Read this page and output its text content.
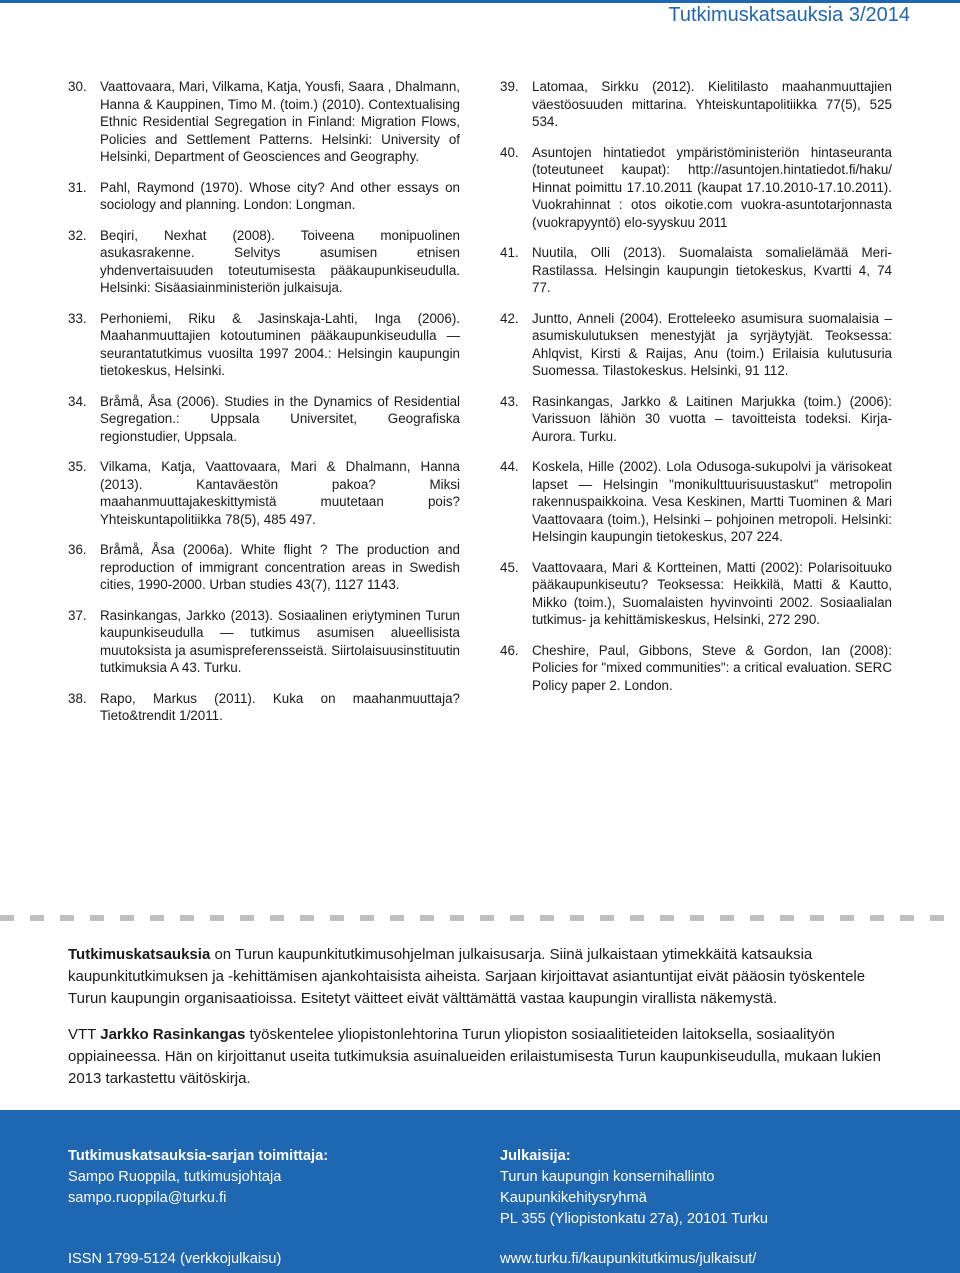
Tutkimuskatsauksia 3/2014
30. Vaattovaara, Mari, Vilkama, Katja, Yousfi, Saara , Dhalmann, Hanna & Kauppinen, Timo M. (toim.) (2010). Contextualising Ethnic Residential Segregation in Finland: Migration Flows, Policies and Settlement Patterns. Helsinki: University of Helsinki, Department of Geosciences and Geography.
31. Pahl, Raymond (1970). Whose city? And other essays on sociology and planning. London: Longman.
32. Beqiri, Nexhat (2008). Toiveena monipuolinen asukasrakenne. Selvitys asumisen etnisen yhdenvertaisuuden toteutumisesta pääkaupunkiseudulla. Helsinki: Sisäasiainministeriön julkaisuja.
33. Perhoniemi, Riku & Jasinskaja-Lahti, Inga (2006). Maahanmuuttajien kotoutuminen pääkaupunkiseudulla — seurantatutkimus vuosilta 1997 2004.: Helsingin kaupungin tietokeskus, Helsinki.
34. Bråmå, Åsa (2006). Studies in the Dynamics of Residential Segregation.: Uppsala Universitet, Geografiska regionstudier, Uppsala.
35. Vilkama, Katja, Vaattovaara, Mari & Dhalmann, Hanna (2013). Kantaväestön pakoa? Miksi maahanmuuttajakeskittymistä muutetaan pois? Yhteiskuntapolitiikka 78(5), 485 497.
36. Bråmå, Åsa (2006a). White flight ? The production and reproduction of immigrant concentration areas in Swedish cities, 1990-2000. Urban studies 43(7), 1127 1143.
37. Rasinkangas, Jarkko (2013). Sosiaalinen eriytyminen Turun kaupunkiseudulla — tutkimus asumisen alueellisista muutoksista ja asumispreferensseistä. Siirtolaisuusinstituutin tutkimuksia A 43. Turku.
38. Rapo, Markus (2011). Kuka on maahanmuuttaja? Tieto&trendit 1/2011.
39. Latomaa, Sirkku (2012). Kielitilasto maahanmuuttajien väestöosuuden mittarina. Yhteiskuntapolitiikka 77(5), 525 534.
40. Asuntojen hintatiedot ympäristöministeriön hintaseuranta (toteutuneet kaupat): http://asuntojen.hintatiedot.fi/haku/ Hinnat poimittu 17.10.2011 (kaupat 17.10.2010-17.10.2011). Vuokrahinnat : otos oikotie.com vuokra-asuntotarjonnasta (vuokrapyyntö) elo-syyskuu 2011
41. Nuutila, Olli (2013). Suomalaista somalielämää Meri-Rastilassa. Helsingin kaupungin tietokeskus, Kvartti 4, 74 77.
42. Juntto, Anneli (2004). Erotteleeko asumisura suomalaisia – asumiskulutuksen menestyjät ja syrjäytyjät. Teoksessa: Ahlqvist, Kirsti & Raijas, Anu (toim.) Erilaisia kulutusuria Suomessa. Tilastokeskus. Helsinki, 91 112.
43. Rasinkangas, Jarkko & Laitinen Marjukka (toim.) (2006): Varissuon lähiön 30 vuotta – tavoitteista todeksi. Kirja-Aurora. Turku.
44. Koskela, Hille (2002). Lola Odusoga-sukupolvi ja värisokeat lapset — Helsingin "monikulttuurisuustaskut" metropolin rakennuspaikkoina. Vesa Keskinen, Martti Tuominen & Mari Vaattovaara (toim.), Helsinki – pohjoinen metropoli. Helsinki: Helsingin kaupungin tietokeskus, 207 224.
45. Vaattovaara, Mari & Kortteinen, Matti (2002): Polarisoituuko pääkaupunkiseutu? Teoksessa: Heikkilä, Matti & Kautto, Mikko (toim.), Suomalaisten hyvinvointi 2002. Sosiaalialan tutkimus- ja kehittämiskeskus, Helsinki, 272 290.
46. Cheshire, Paul, Gibbons, Steve & Gordon, Ian (2008): Policies for "mixed communities": a critical evaluation. SERC Policy paper 2. London.

Tutkimuskatsauksia on Turun kaupunkitutkimusohjelman julkaisusarja. Siinä julkaistaan ytimekkäitä katsauksia kaupunkitutkimuksen ja -kehittämisen ajankohtaisista aiheista. Sarjaan kirjoittavat asiantuntijat eivät pääosin työskentele Turun kaupungin organisaatioissa. Esitetyt väitteet eivät välttämättä vastaa kaupungin virallista näkemystä.

VTT Jarkko Rasinkangas työskentelee yliopistonlehtorina Turun yliopiston sosiaalitieteiden laitoksella, sosiaalityön oppiaineessa. Hän on kirjoittanut useita tutkimuksia asuinalueiden erilaistumisesta Turun kaupunkiseudulla, mukaan lukien 2013 tarkastettu väitöskirja.

Tutkimuskatsauksia-sarjan toimittaja:
Sampo Ruoppila, tutkimusjohtaja
sampo.ruoppila@turku.fi
Julkaisija:
Turun kaupungin konsernihallinto
Kaupunkikehitysryhmä
PL 355 (Yliopistonkatu 27a), 20101 Turku
ISSN 1799-5124 (verkkojulkaisu)	www.turku.fi/kaupunkitutkimus/julkaisut/
